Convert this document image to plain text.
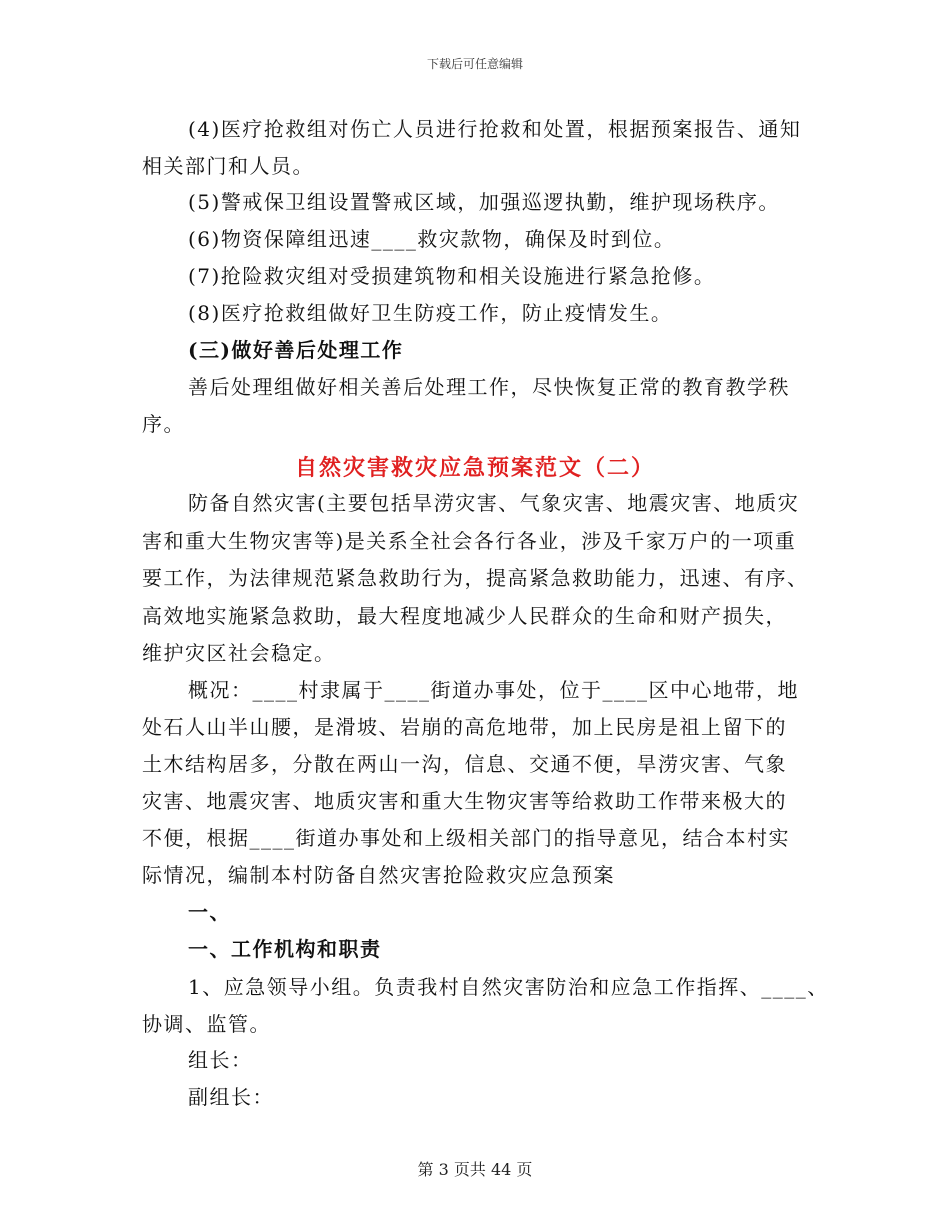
下载后可任意编辑
(4)医疗抢救组对伤亡人员进行抢救和处置，根据预案报告、通知
相关部门和人员。
(5)警戒保卫组设置警戒区域，加强巡逻执勤，维护现场秩序。
(6)物资保障组迅速____救灾款物，确保及时到位。
(7)抢险救灾组对受损建筑物和相关设施进行紧急抢修。
(8)医疗抢救组做好卫生防疫工作，防止疫情发生。
(三)做好善后处理工作
善后处理组做好相关善后处理工作，尽快恢复正常的教育教学秩
序。
自然灾害救灾应急预案范文（二）
防备自然灾害(主要包括旱涝灾害、气象灾害、地震灾害、地质灾
害和重大生物灾害等)是关系全社会各行各业，涉及千家万户的一项重
要工作，为法律规范紧急救助行为，提高紧急救助能力，迅速、有序、
高效地实施紧急救助，最大程度地减少人民群众的生命和财产损失，
维护灾区社会稳定。
概况：____村隶属于____街道办事处，位于____区中心地带，地
处石人山半山腰，是滑坡、岩崩的高危地带，加上民房是祖上留下的
土木结构居多，分散在两山一沟，信息、交通不便，旱涝灾害、气象
灾害、地震灾害、地质灾害和重大生物灾害等给救助工作带来极大的
不便，根据____街道办事处和上级相关部门的指导意见，结合本村实
际情况，编制本村防备自然灾害抢险救灾应急预案
一、
一、工作机构和职责
1、应急领导小组。负责我村自然灾害防治和应急工作指挥、____、
协调、监管。
组长：
副组长：
第 3 页共 44 页
